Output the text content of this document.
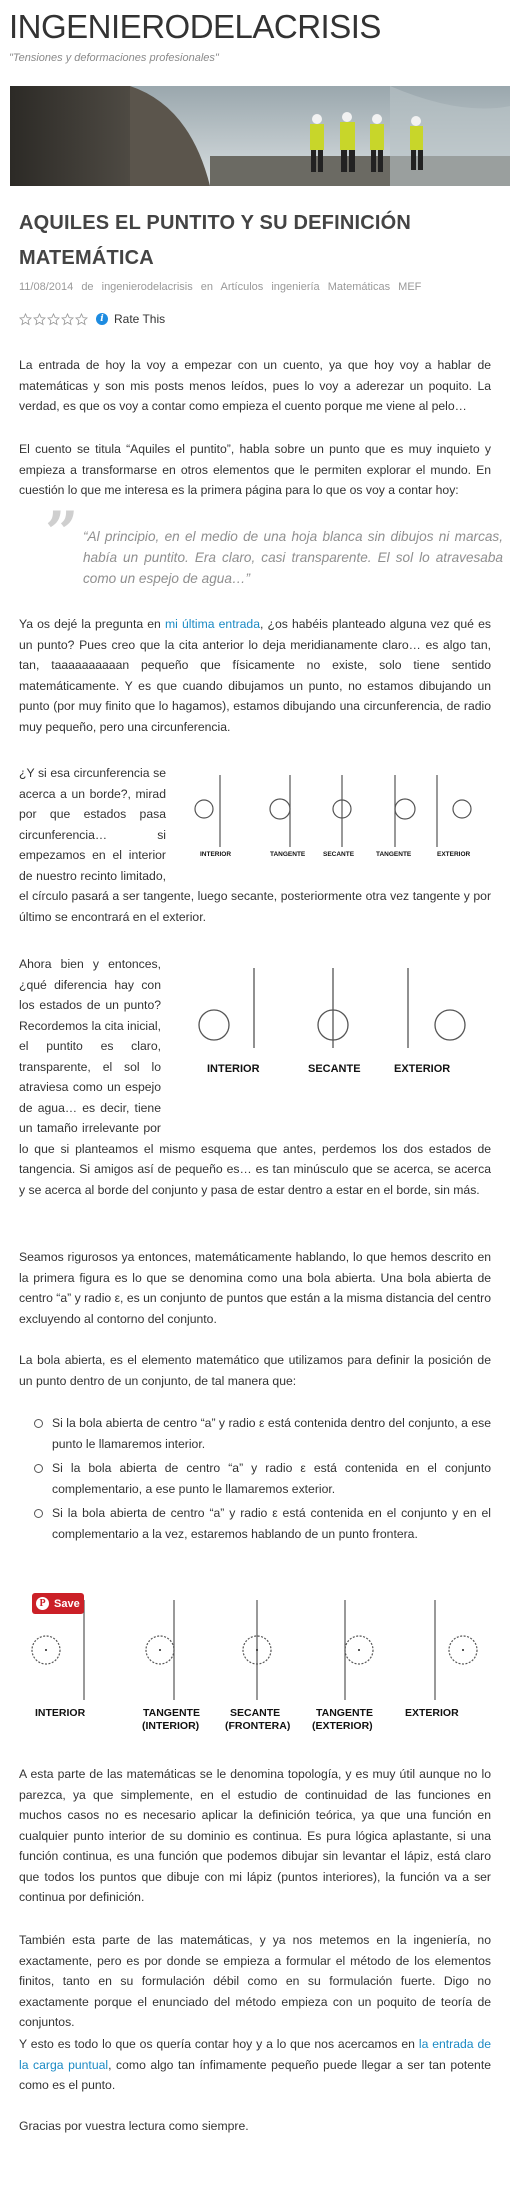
INGENIERODELACRISIS
"Tensiones y deformaciones profesionales"
AQUILES EL PUNTITO Y SU DEFINICIÓN MATEMÁTICA
11/08/2014 de ingenierodelacrisis en Artículos ingeniería Matemáticas MEF
i Rate This

La entrada de hoy la voy a empezar con un cuento, ya que hoy voy a hablar de matemáticas y son mis posts menos leídos, pues lo voy a aderezar un poquito. La verdad, es que os voy a contar como empieza el cuento porque me viene al pelo…

El cuento se titula “Aquiles el puntito”, habla sobre un punto que es muy inquieto y empieza a transformarse en otros elementos que le permiten explorar el mundo. En cuestión lo que me interesa es la primera página para lo que os voy a contar hoy:

” “Al principio, en el medio de una hoja blanca sin dibujos ni marcas, había un puntito. Era claro, casi transparente. El sol lo atravesaba como un espejo de agua…”

Ya os dejé la pregunta en mi última entrada, ¿os habéis planteado alguna vez qué es un punto? Pues creo que la cita anterior lo deja meridianamente claro… es algo tan, tan, taaaaaaaaaan pequeño que físicamente no existe, solo tiene sentido matemáticamente. Y es que cuando dibujamos un punto, no estamos dibujando un punto (por muy finito que lo hagamos), estamos dibujando una circunferencia, de radio muy pequeño, pero una circunferencia.

INTERIOR	TANGENTE	SECANTE	TANGENTE	EXTERIOR

¿Y si esa circunferencia se acerca a un borde?, mirad por que estados pasa circunferencia… si empezamos en el interior de nuestro recinto limitado, el círculo pasará a ser tangente, luego secante, posteriormente otra vez tangente y por último se encontrará en el exterior.

INTERIOR	SECANTE	EXTERIOR

Ahora bien y entonces, ¿qué diferencia hay con los estados de un punto? Recordemos la cita inicial, el puntito es claro, transparente, el sol lo atraviesa como un espejo de agua… es decir, tiene un tamaño irrelevante por lo que si planteamos el mismo esquema que antes, perdemos los dos estados de tangencia. Si amigos así de pequeño es… es tan minúsculo que se acerca, se acerca y se acerca al borde del conjunto y pasa de estar dentro a estar en el borde, sin más.

Seamos rigurosos ya entonces, matemáticamente hablando, lo que hemos descrito en la primera figura es lo que se denomina como una bola abierta. Una bola abierta de centro “a” y radio ε, es un conjunto de puntos que están a la misma distancia del centro excluyendo al contorno del conjunto.

La bola abierta, es el elemento matemático que utilizamos para definir la posición de un punto dentro de un conjunto, de tal manera que:

Si la bola abierta de centro “a” y radio ε está contenida dentro del conjunto, a ese punto le llamaremos interior.
Si la bola abierta de centro “a” y radio ε está contenida en el conjunto complementario, a ese punto le llamaremos exterior.
Si la bola abierta de centro “a” y radio ε está contenida en el conjunto y en el complementario a la vez, estaremos hablando de un punto frontera.
INTERIOR	TANGENTE
(INTERIOR)
SECANTE
(FRONTERA)
TANGENTE
(EXTERIOR)
EXTERIOR
P Save

A esta parte de las matemáticas se le denomina topología, y es muy útil aunque no lo parezca, ya que simplemente, en el estudio de continuidad de las funciones en muchos casos no es necesario aplicar la definición teórica, ya que una función en cualquier punto interior de su dominio es continua. Es pura lógica aplastante, si una función continua, es una función que podemos dibujar sin levantar el lápiz, está claro que todos los puntos que dibuje con mi lápiz (puntos interiores), la función va a ser continua por definición.

También esta parte de las matemáticas, y ya nos metemos en la ingeniería, no exactamente, pero es por donde se empieza a formular el método de los elementos finitos, tanto en su formulación débil como en su formulación fuerte. Digo no exactamente porque el enunciado del método empieza con un poquito de teoría de conjuntos.

Y esto es todo lo que os quería contar hoy y a lo que nos acercamos en la entrada de la carga puntual, como algo tan ínfimamente pequeño puede llegar a ser tan potente como es el punto.

Gracias por vuestra lectura como siempre.
